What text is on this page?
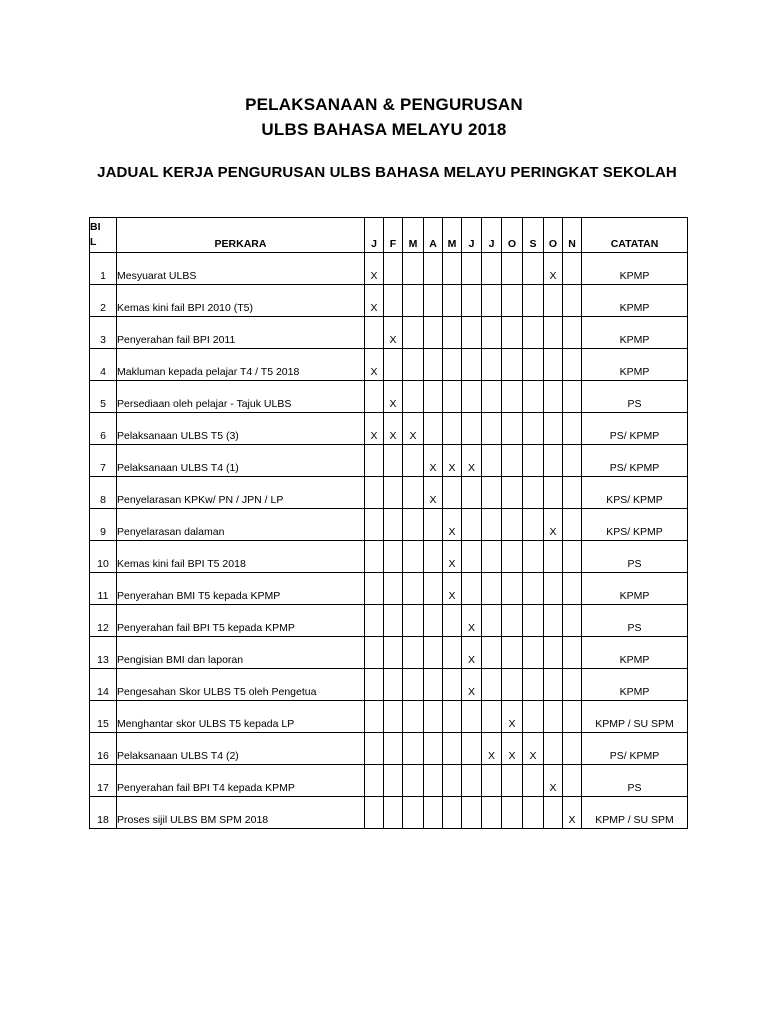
PELAKSANAAN & PENGURUSAN
ULBS BAHASA MELAYU 2018
JADUAL KERJA PENGURUSAN ULBS BAHASA MELAYU PERINGKAT SEKOLAH
BI
L	PERKARA	J	F	M	A	M	J	J	O	S	O	N	CATATAN
1	Mesyuarat ULBS	X									X		KPMP
2	Kemas kini fail BPI 2010 (T5)	X											KPMP
3	Penyerahan fail BPI 2011		X										KPMP
4	Makluman kepada pelajar T4 / T5 2018	X											KPMP
5	Persediaan oleh pelajar - Tajuk ULBS		X										PS
6	Pelaksanaan ULBS T5 (3)	X	X	X									PS/ KPMP
7	Pelaksanaan ULBS T4 (1)				X	X	X						PS/ KPMP
8	Penyelarasan KPKw/ PN / JPN / LP				X								KPS/ KPMP
9	Penyelarasan dalaman					X					X		KPS/ KPMP
10	Kemas kini fail BPI T5 2018					X							PS
11	Penyerahan BMI T5 kepada KPMP					X							KPMP
12	Penyerahan fail BPI T5 kepada KPMP						X						PS
13	Pengisian BMI dan laporan						X						KPMP
14	Pengesahan Skor ULBS T5 oleh Pengetua						X						KPMP
15	Menghantar skor ULBS T5 kepada LP								X				KPMP / SU SPM
16	Pelaksanaan ULBS T4 (2)							X	X	X			PS/ KPMP
17	Penyerahan fail BPI T4 kepada KPMP										X		PS
18	Proses sijil ULBS BM SPM 2018											X	KPMP / SU SPM
